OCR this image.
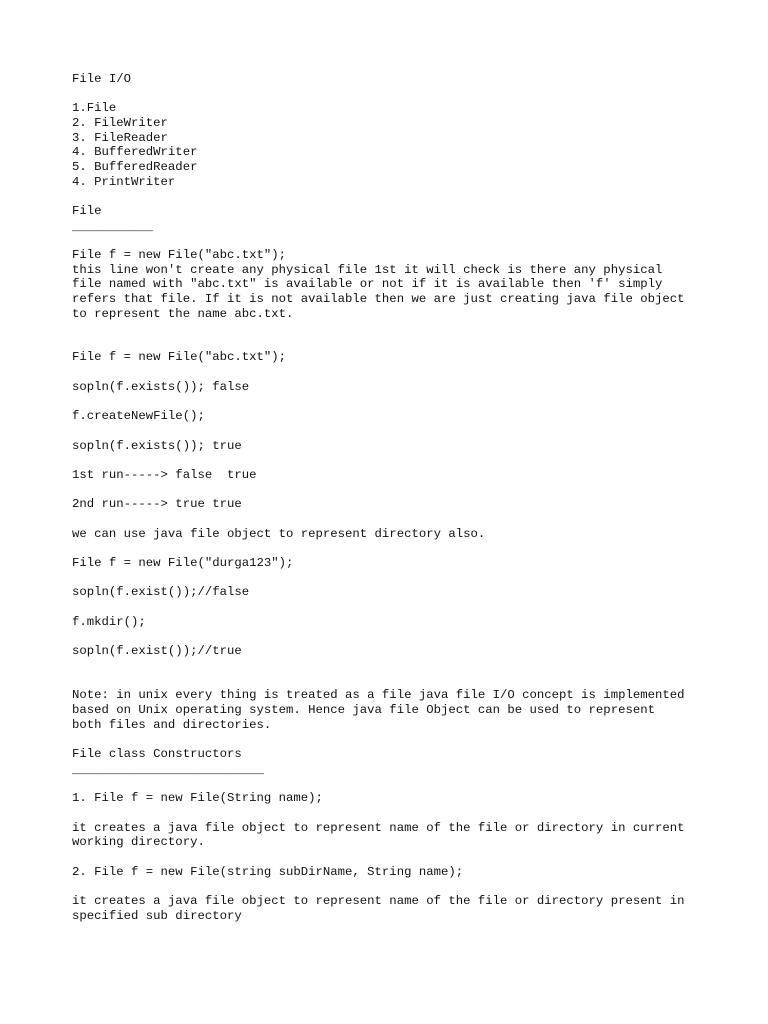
File I/O
1.File
2. FileWriter
3. FileReader
4. BufferedWriter
5. BufferedReader
4. PrintWriter
File
___________
File f = new File("abc.txt");
this line won't create any physical file 1st it will check is there any physical
file named with "abc.txt" is available or not if it is available then 'f' simply
refers that file. If it is not available then we are just creating java file object
to represent the name abc.txt.
File f = new File("abc.txt");
sopln(f.exists()); false
f.createNewFile();
sopln(f.exists()); true
1st run-----> false  true
2nd run-----> true true
we can use java file object to represent directory also.
File f = new File("durga123");
sopln(f.exist());//false
f.mkdir();
sopln(f.exist());//true
Note: in unix every thing is treated as a file java file I/O concept is implemented
based on Unix operating system. Hence java file Object can be used to represent
both files and directories.
File class Constructors
__________________________
1. File f = new File(String name);
it creates a java file object to represent name of the file or directory in current
working directory.
2. File f = new File(string subDirName, String name);
it creates a java file object to represent name of the file or directory present in
specified sub directory
